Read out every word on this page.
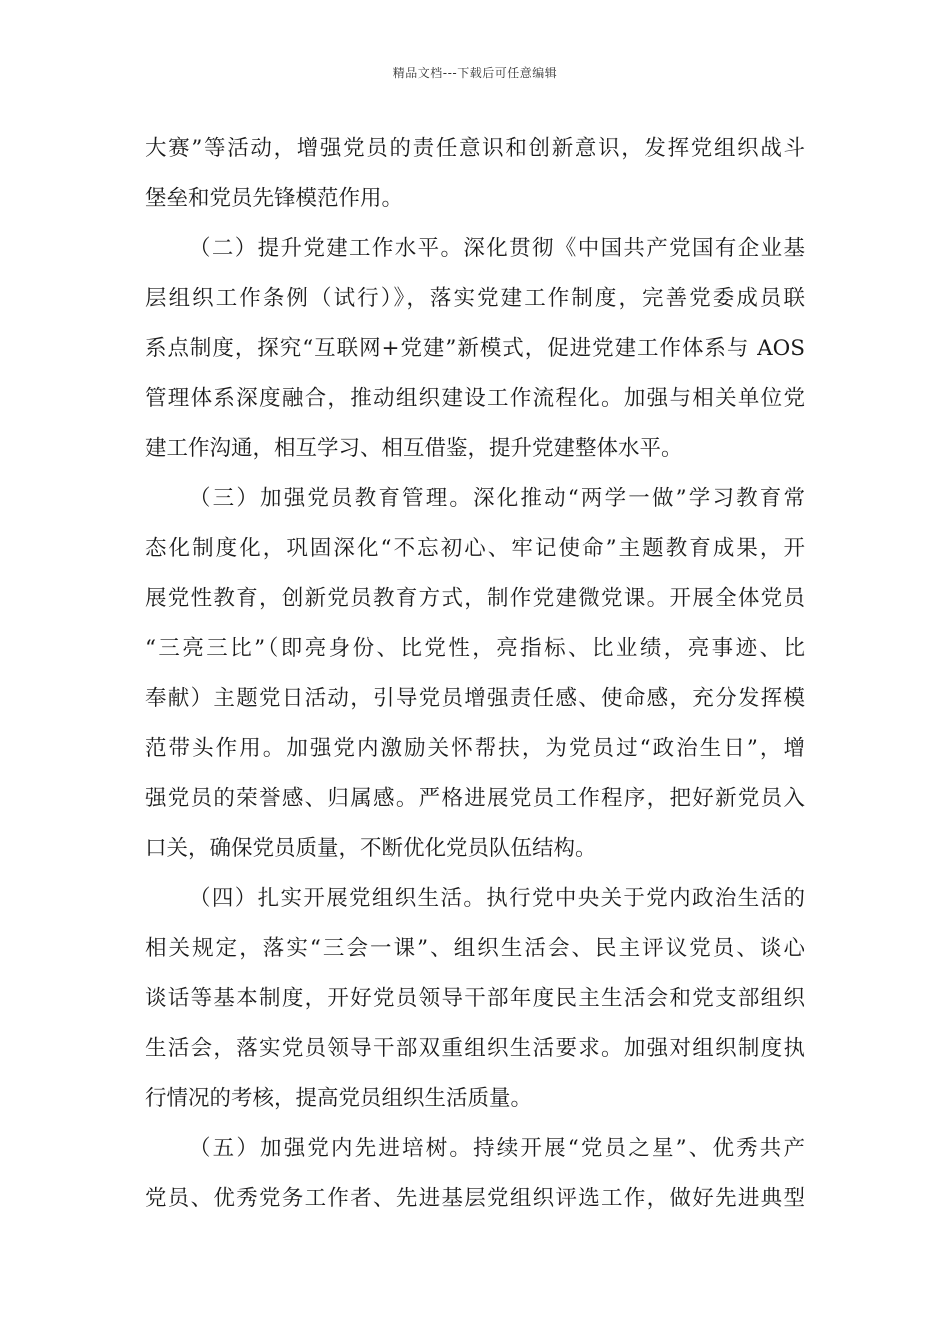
精品文档---下载后可任意编辑
大赛”等活动，增强党员的责任意识和创新意识，发挥党组织战斗
堡垒和党员先锋模范作用。
（二）提升党建工作水平。深化贯彻《中国共产党国有企业基
层组织工作条例（试行）》，落实党建工作制度，完善党委成员联
系点制度，探究“互联网+党建”新模式，促进党建工作体系与 AOS
管理体系深度融合，推动组织建设工作流程化。加强与相关单位党
建工作沟通，相互学习、相互借鉴，提升党建整体水平。
（三）加强党员教育管理。深化推动“两学一做”学习教育常
态化制度化，巩固深化“不忘初心、牢记使命”主题教育成果，开
展党性教育，创新党员教育方式，制作党建微党课。开展全体党员
“三亮三比”（即亮身份、比党性，亮指标、比业绩，亮事迹、比
奉献）主题党日活动，引导党员增强责任感、使命感，充分发挥模
范带头作用。加强党内激励关怀帮扶，为党员过“政治生日”，增
强党员的荣誉感、归属感。严格进展党员工作程序，把好新党员入
口关，确保党员质量，不断优化党员队伍结构。
（四）扎实开展党组织生活。执行党中央关于党内政治生活的
相关规定，落实“三会一课”、组织生活会、民主评议党员、谈心
谈话等基本制度，开好党员领导干部年度民主生活会和党支部组织
生活会，落实党员领导干部双重组织生活要求。加强对组织制度执
行情况的考核，提高党员组织生活质量。
（五）加强党内先进培树。持续开展“党员之星”、优秀共产
党员、优秀党务工作者、先进基层党组织评选工作，做好先进典型
